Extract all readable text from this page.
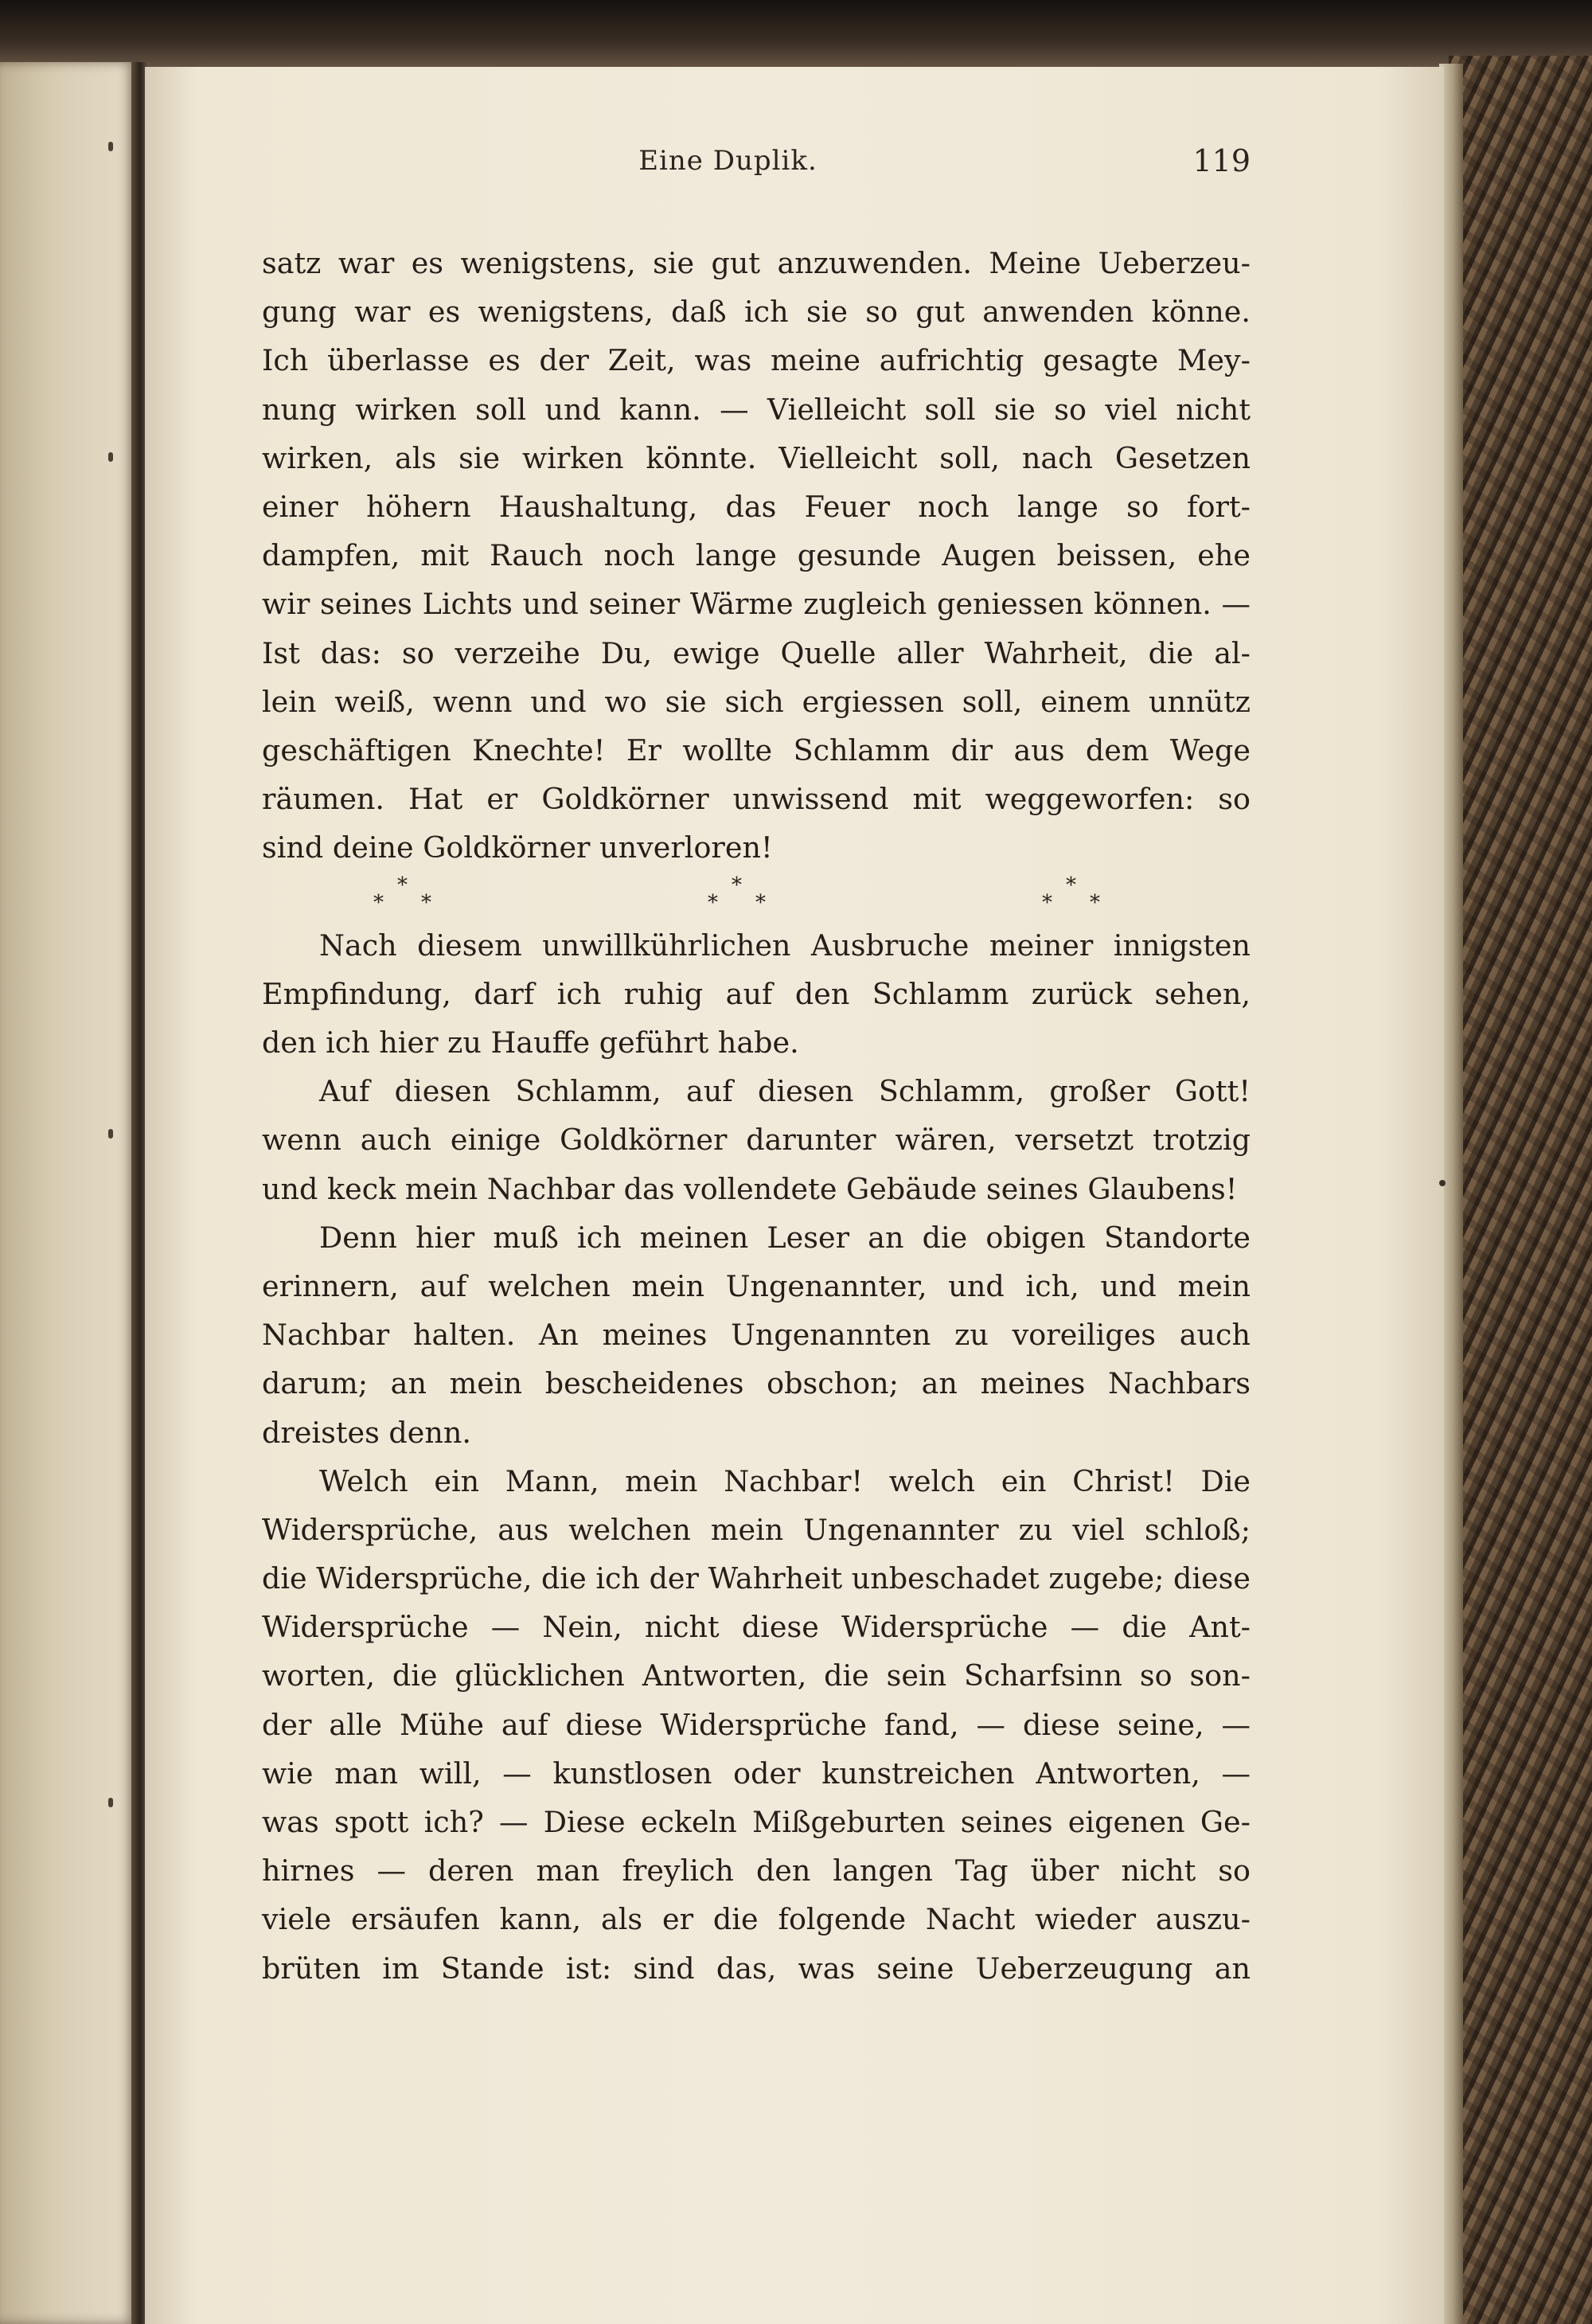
Eine Duplik.	119
satz war es wenigstens, sie gut anzuwenden. Meine Ueberzeu-
gung war es wenigstens, daß ich sie so gut anwenden könne.
Ich überlasse es der Zeit, was meine aufrichtig gesagte Mey-
nung wirken soll und kann. — Vielleicht soll sie so viel nicht
wirken, als sie wirken könnte. Vielleicht soll, nach Gesetzen
einer höhern Haushaltung, das Feuer noch lange so fort-
dampfen, mit Rauch noch lange gesunde Augen beissen, ehe
wir seines Lichts und seiner Wärme zugleich geniessen können. —
Ist das: so verzeihe Du, ewige Quelle aller Wahrheit, die al-
lein weiß, wenn und wo sie sich ergiessen soll, einem unnütz
geschäftigen Knechte! Er wollte Schlamm dir aus dem Wege
räumen. Hat er Goldkörner unwissend mit weggeworfen: so
sind deine Goldkörner unverloren!
*
* *
*
* *
*
* *
Nach diesem unwillkührlichen Ausbruche meiner innigsten
Empfindung, darf ich ruhig auf den Schlamm zurück sehen,
den ich hier zu Hauffe geführt habe.
Auf diesen Schlamm, auf diesen Schlamm, großer Gott!
wenn auch einige Goldkörner darunter wären, versetzt trotzig
und keck mein Nachbar das vollendete Gebäude seines Glaubens!
Denn hier muß ich meinen Leser an die obigen Standorte
erinnern, auf welchen mein Ungenannter, und ich, und mein
Nachbar halten. An meines Ungenannten zu voreiliges auch
darum; an mein bescheidenes obschon; an meines Nachbars
dreistes denn.
Welch ein Mann, mein Nachbar! welch ein Christ! Die
Widersprüche, aus welchen mein Ungenannter zu viel schloß;
die Widersprüche, die ich der Wahrheit unbeschadet zugebe; diese
Widersprüche — Nein, nicht diese Widersprüche — die Ant-
worten, die glücklichen Antworten, die sein Scharfsinn so son-
der alle Mühe auf diese Widersprüche fand, — diese seine, —
wie man will, — kunstlosen oder kunstreichen Antworten, —
was spott ich? — Diese eckeln Mißgeburten seines eigenen Ge-
hirnes — deren man freylich den langen Tag über nicht so
viele ersäufen kann, als er die folgende Nacht wieder auszu-
brüten im Stande ist: sind das, was seine Ueberzeugung an
